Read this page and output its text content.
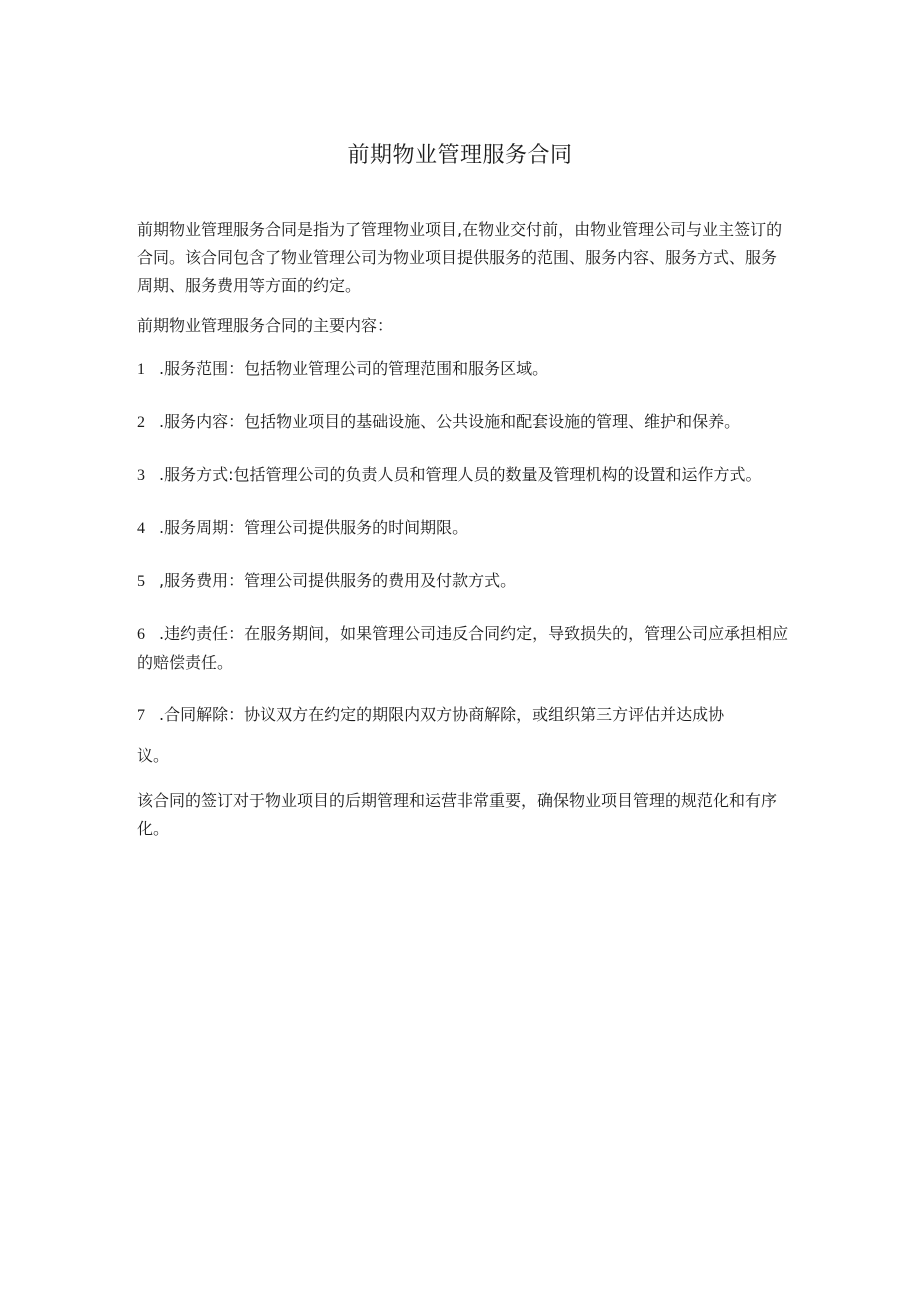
前期物业管理服务合同

前期物业管理服务合同是指为了管理物业项目,在物业交付前，由物业管理公司与业主签订的合同。该合同包含了物业管理公司为物业项目提供服务的范围、服务内容、服务方式、服务周期、服务费用等方面的约定。

前期物业管理服务合同的主要内容：

1 .服务范围：包括物业管理公司的管理范围和服务区域。

2 .服务内容：包括物业项目的基础设施、公共设施和配套设施的管理、维护和保养。

3 .服务方式:包括管理公司的负责人员和管理人员的数量及管理机构的设置和运作方式。

4 .服务周期：管理公司提供服务的时间期限。

5 ,服务费用：管理公司提供服务的费用及付款方式。

6 .违约责任：在服务期间，如果管理公司违反合同约定，导致损失的，管理公司应承担相应的赔偿责任。

7 .合同解除：协议双方在约定的期限内双方协商解除，或组织第三方评估并达成协

议。

该合同的签订对于物业项目的后期管理和运营非常重要，确保物业项目管理的规范化和有序化。
